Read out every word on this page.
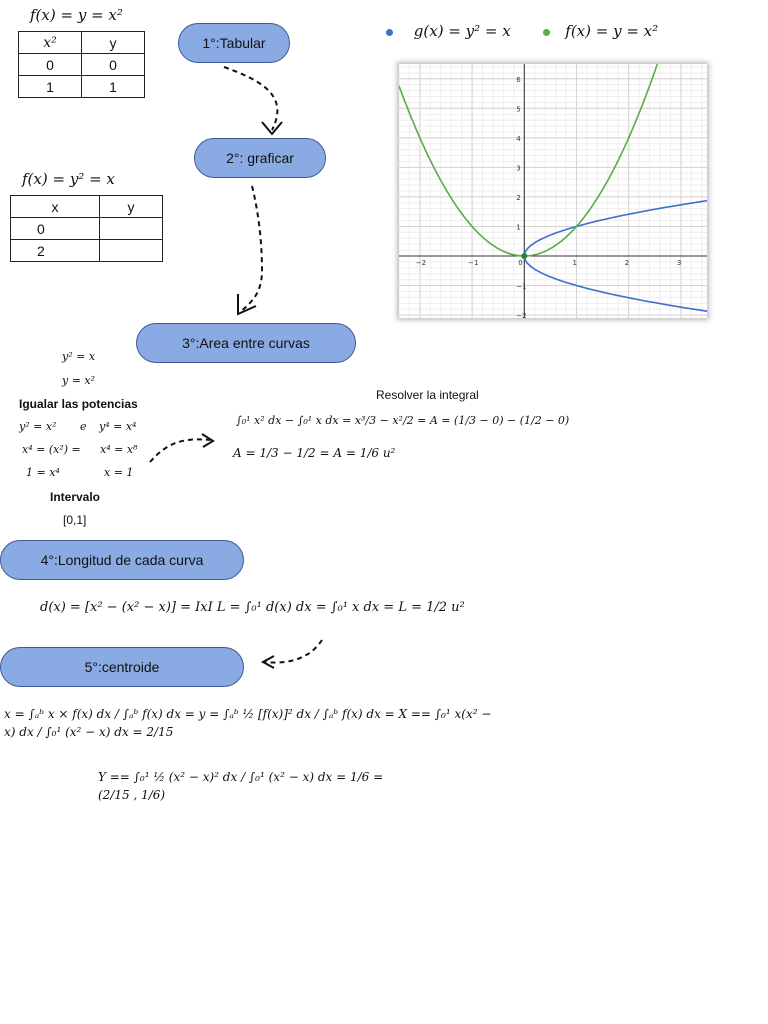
f(x) = y = x²
x²	y
0	0
1	1
f(x) = y² = x
x	y
0	
2	
1°:Tabular
2°: graficar
3°:Area entre curvas
4°:Longitud de cada curva
5°:centroide
g(x) = y² = x	f(x) = y = x²
−2	−1	0	1	2	3
−2
−1
1
2
3
4
5
6
y² = x
y = x²
Igualar las potencias
y² = x² e y⁴ = x⁴
x⁴ = (x²) = x⁴ = x⁸
1 = x⁴	x = 1
Intervalo
[0,1]
Resolver la integral
∫₀¹ x² dx − ∫₀¹ x dx = x³/3 − x²/2 = A = (1/3 − 0) − (1/2 − 0)
A = 1/3 − 1/2 = A = 1/6 u²
d(x) = [x² − (x² − x)] = IxI L = ∫₀¹ d(x) dx = ∫₀¹ x dx = L = 1/2 u²
x = ∫ₐᵇ x × f(x) dx / ∫ₐᵇ f(x) dx = y = ∫ₐᵇ ½ [f(x)]² dx / ∫ₐᵇ f(x) dx = X == ∫₀¹ x(x² − x) dx / ∫₀¹ (x² − x) dx = 2/15
Y == ∫₀¹ ½ (x² − x)² dx / ∫₀¹ (x² − x) dx = 1/6 = (2/15 , 1/6)
